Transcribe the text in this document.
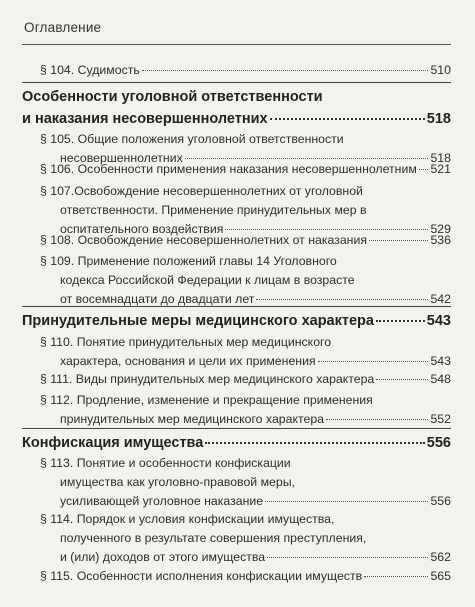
Оглавление
§ 104. Судимость	510
Особенности уголовной ответственности
и наказания несовершеннолетних	518
§ 105. Общие положения уголовной ответственности
несовершеннолетних	518
§ 106. Особенности применения наказания несовершеннолетним 521
§ 107.Освобождение несовершеннолетних от уголовной
ответственности. Применение принудительных мер в
оспитательного воздействия	529
§ 108. Освобождение несовершеннолетних от наказания	536
§ 109. Применение положений главы 14 Уголовного
кодекса Российской Федерации к лицам в возрасте
от восемнадцати до двадцати лет	542
Принудительные меры медицинского характера	543
§ 110. Понятие принудительных мер медицинского
характера, основания и цели их применения	543
§ 111. Виды принудительных мер медицинского характера	548
§ 112. Продление, изменение и прекращение применения
принудительных мер медицинского характера	552
Конфискация имущества	556
§ 113. Понятие и особенности конфискации
имущества как уголовно-правовой меры,
усиливающей уголовное наказание	556
§ 114. Порядок и условия конфискации имущества,
полученного в результате совершения преступления,
и (или) доходов от этого имущества	562
§ 115. Особенности исполнения конфискации имуществ	565
